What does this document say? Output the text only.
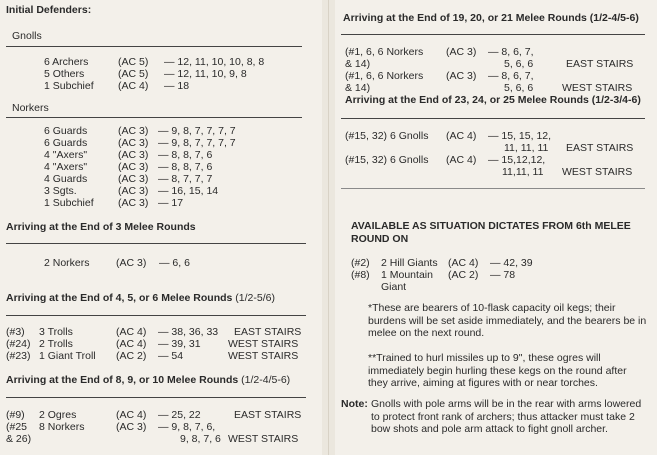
Initial Defenders:
Gnolls
6 Archers	(AC 5) — 12, 11, 10, 10, 8, 8
5 Others	(AC 5) — 12, 11, 10, 9, 8
1 Subchief (AC 4) — 18
Norkers
6 Guards	(AC 3) — 9, 8, 7, 7, 7, 7
6 Guards	(AC 3) — 9, 8, 7, 7, 7, 7
4 "Axers"	(AC 3) — 8, 8, 7, 6
4 "Axers"	(AC 3) — 8, 8, 7, 6
4 Guards	(AC 3) — 8, 7, 7, 7
3 Sgts.	(AC 3) — 16, 15, 14
1 Subchief (AC 3) — 17
Arriving at the End of 3 Melee Rounds
2 Norkers	(AC 3) — 6, 6
Arriving at the End of 4, 5, or 6 Melee Rounds (1/2-5/6)
(#3) 3 Trolls	(AC 4) — 38, 36, 33 EAST STAIRS
(#24) 2 Trolls	(AC 4) — 39, 31	WEST STAIRS
(#23) 1 Giant Troll (AC 2) — 54	WEST STAIRS
Arriving at the End of 8, 9, or 10 Melee Rounds (1/2-4/5-6)
(#9) 2 Ogres	(AC 4) — 25, 22	EAST STAIRS
(#25 8 Norkers	(AC 3) — 9, 8, 7, 6,
& 26)	9, 8, 7, 6 WEST STAIRS
Arriving at the End of 19, 20, or 21 Melee Rounds (1/2-4/5-6)
(#1, 6, 6 Norkers (AC 3) — 8, 6, 7,
& 14)	5, 6, 6	EAST STAIRS
(#1, 6, 6 Norkers (AC 3) — 8, 6, 7,
& 14)	5, 6, 6	WEST STAIRS
Arriving at the End of 23, 24, or 25 Melee Rounds (1/2-3/4-6)
(#15, 32) 6 Gnolls (AC 4) — 15, 15, 12,
11, 11, 11 EAST STAIRS
(#15, 32) 6 Gnolls (AC 4) — 15,12,12,
11,11, 11 WEST STAIRS
AVAILABLE AS SITUATION DICTATES FROM 6th MELEE
ROUND ON
(#2) 2 Hill Giants (AC 4) — 42, 39
(#8) 1 Mountain (AC 2) — 78
Giant
*These are bearers of 10-flask capacity oil kegs; their burdens will be set aside immediately, and the bearers be in melee on the next round.
**Trained to hurl missiles up to 9", these ogres will immediately begin hurling these kegs on the round after they arrive, aiming at figures with or near torches.
Note: Gnolls with pole arms will be in the rear with arms lowered to protect front rank of archers; thus attacker must take 2 bow shots and pole arm attack to fight gnoll archer.
